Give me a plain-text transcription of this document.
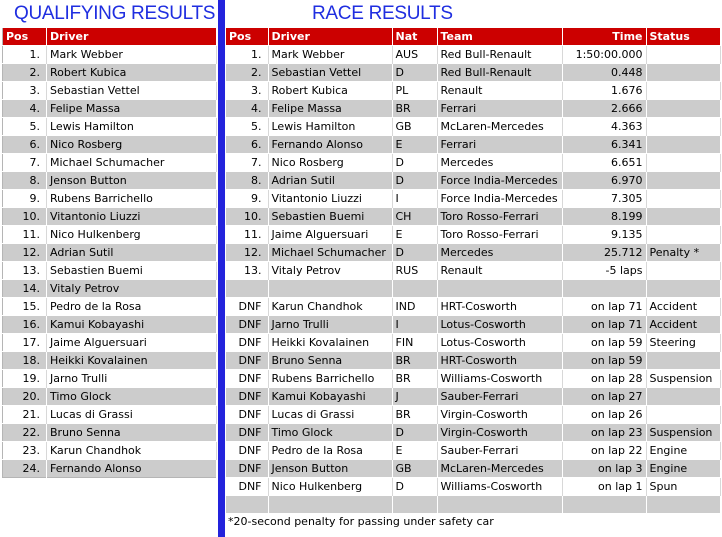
QUALIFYING RESULTS	RACE RESULTS
Pos	Driver
1.	Mark Webber
2.	Robert Kubica
3.	Sebastian Vettel
4.	Felipe Massa
5.	Lewis Hamilton
6.	Nico Rosberg
7.	Michael Schumacher
8.	Jenson Button
9.	Rubens Barrichello
10.	Vitantonio Liuzzi
11.	Nico Hulkenberg
12.	Adrian Sutil
13.	Sebastien Buemi
14.	Vitaly Petrov
15.	Pedro de la Rosa
16.	Kamui Kobayashi
17.	Jaime Alguersuari
18.	Heikki Kovalainen
19.	Jarno Trulli
20.	Timo Glock
21.	Lucas di Grassi
22.	Bruno Senna
23.	Karun Chandhok
24.	Fernando Alonso
Pos	Driver	Nat	Team	Time	Status
1.	Mark Webber	AUS	Red Bull-Renault	1:50:00.000	
2.	Sebastian Vettel	D	Red Bull-Renault	0.448	
3.	Robert Kubica	PL	Renault	1.676	
4.	Felipe Massa	BR	Ferrari	2.666	
5.	Lewis Hamilton	GB	McLaren-Mercedes	4.363	
6.	Fernando Alonso	E	Ferrari	6.341	
7.	Nico Rosberg	D	Mercedes	6.651	
8.	Adrian Sutil	D	Force India-Mercedes	6.970	
9.	Vitantonio Liuzzi	I	Force India-Mercedes	7.305	
10.	Sebastien Buemi	CH	Toro Rosso-Ferrari	8.199	
11.	Jaime Alguersuari	E	Toro Rosso-Ferrari	9.135	
12.	Michael Schumacher	D	Mercedes	25.712	Penalty *
13.	Vitaly Petrov	RUS	Renault	-5 laps	

DNF	Karun Chandhok	IND	HRT-Cosworth	on lap 71	Accident
DNF	Jarno Trulli	I	Lotus-Cosworth	on lap 71	Accident
DNF	Heikki Kovalainen	FIN	Lotus-Cosworth	on lap 59	Steering
DNF	Bruno Senna	BR	HRT-Cosworth	on lap 59	
DNF	Rubens Barrichello	BR	Williams-Cosworth	on lap 28	Suspension
DNF	Kamui Kobayashi	J	Sauber-Ferrari	on lap 27	
DNF	Lucas di Grassi	BR	Virgin-Cosworth	on lap 26	
DNF	Timo Glock	D	Virgin-Cosworth	on lap 23	Suspension
DNF	Pedro de la Rosa	E	Sauber-Ferrari	on lap 22	Engine
DNF	Jenson Button	GB	McLaren-Mercedes	on lap 3	Engine
DNF	Nico Hulkenberg	D	Williams-Cosworth	on lap 1	Spun

*20-second penalty for passing under safety car
